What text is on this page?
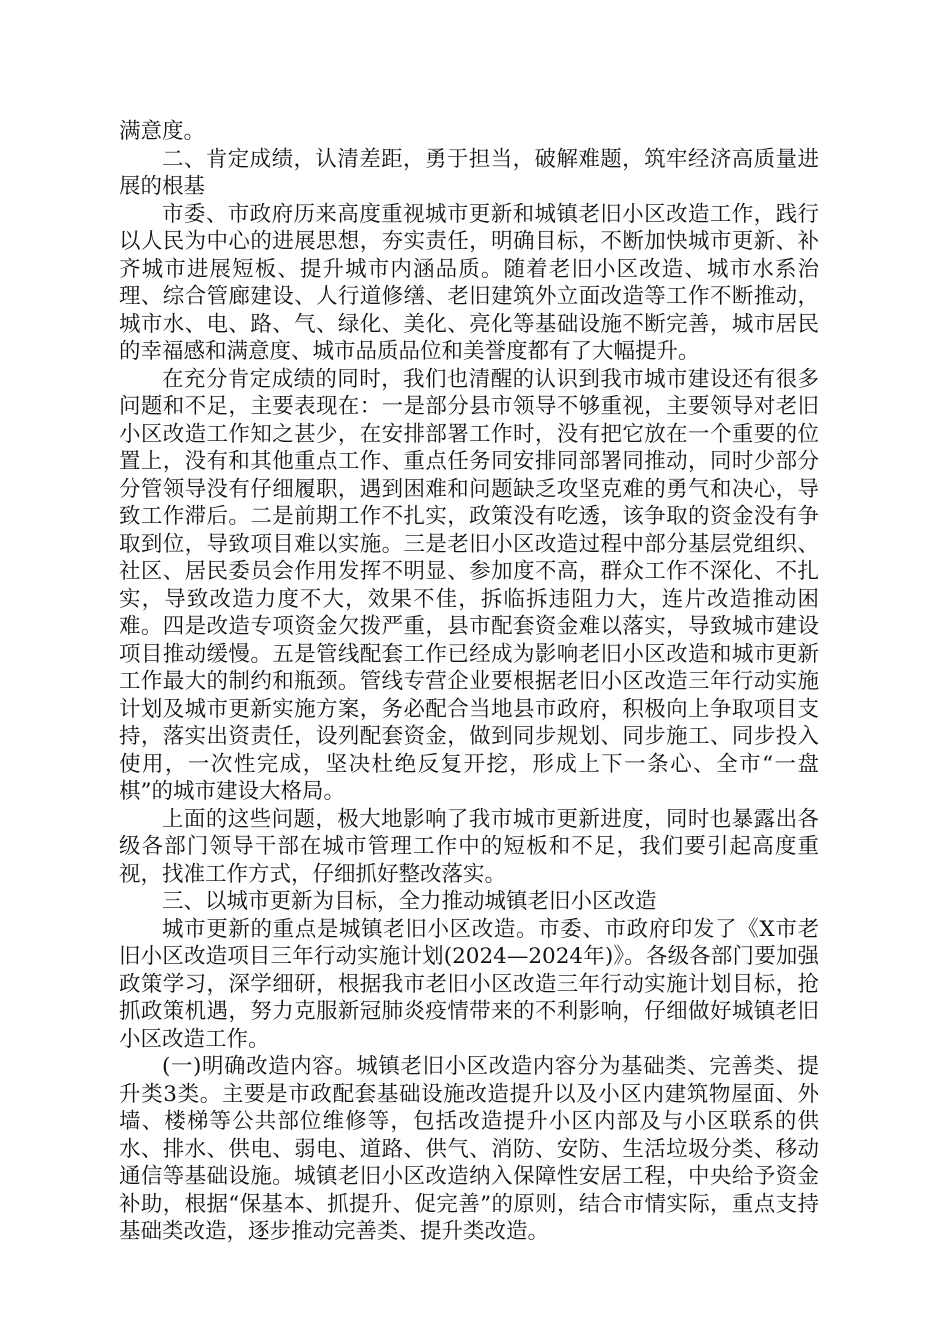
满意度。

二、肯定成绩，认清差距，勇于担当，破解难题，筑牢经济高质量进展的根基

市委、市政府历来高度重视城市更新和城镇老旧小区改造工作，践行以人民为中心的进展思想，夯实责任，明确目标，不断加快城市更新、补齐城市进展短板、提升城市内涵品质。随着老旧小区改造、城市水系治理、综合管廊建设、人行道修缮、老旧建筑外立面改造等工作不断推动，城市水、电、路、气、绿化、美化、亮化等基础设施不断完善，城市居民的幸福感和满意度、城市品质品位和美誉度都有了大幅提升。

在充分肯定成绩的同时，我们也清醒的认识到我市城市建设还有很多问题和不足，主要表现在：一是部分县市领导不够重视，主要领导对老旧小区改造工作知之甚少，在安排部署工作时，没有把它放在一个重要的位置上，没有和其他重点工作、重点任务同安排同部署同推动，同时少部分分管领导没有仔细履职，遇到困难和问题缺乏攻坚克难的勇气和决心，导致工作滞后。二是前期工作不扎实，政策没有吃透，该争取的资金没有争取到位，导致项目难以实施。三是老旧小区改造过程中部分基层党组织、社区、居民委员会作用发挥不明显、参加度不高，群众工作不深化、不扎实，导致改造力度不大，效果不佳，拆临拆违阻力大，连片改造推动困难。四是改造专项资金欠拨严重，县市配套资金难以落实，导致城市建设项目推动缓慢。五是管线配套工作已经成为影响老旧小区改造和城市更新工作最大的制约和瓶颈。管线专营企业要根据老旧小区改造三年行动实施计划及城市更新实施方案，务必配合当地县市政府，积极向上争取项目支持，落实出资责任，设列配套资金，做到同步规划、同步施工、同步投入使用，一次性完成，坚决杜绝反复开挖，形成上下一条心、全市“一盘棋”的城市建设大格局。

上面的这些问题，极大地影响了我市城市更新进度，同时也暴露出各级各部门领导干部在城市管理工作中的短板和不足，我们要引起高度重视，找准工作方式，仔细抓好整改落实。

三、以城市更新为目标，全力推动城镇老旧小区改造

城市更新的重点是城镇老旧小区改造。市委、市政府印发了《X市老旧小区改造项目三年行动实施计划(2024—2024年)》。各级各部门要加强政策学习，深学细研，根据我市老旧小区改造三年行动实施计划目标，抢抓政策机遇，努力克服新冠肺炎疫情带来的不利影响，仔细做好城镇老旧小区改造工作。

(一)明确改造内容。城镇老旧小区改造内容分为基础类、完善类、提升类3类。主要是市政配套基础设施改造提升以及小区内建筑物屋面、外墙、楼梯等公共部位维修等，包括改造提升小区内部及与小区联系的供水、排水、供电、弱电、道路、供气、消防、安防、生活垃圾分类、移动通信等基础设施。城镇老旧小区改造纳入保障性安居工程，中央给予资金补助，根据“保基本、抓提升、促完善”的原则，结合市情实际，重点支持基础类改造，逐步推动完善类、提升类改造。
